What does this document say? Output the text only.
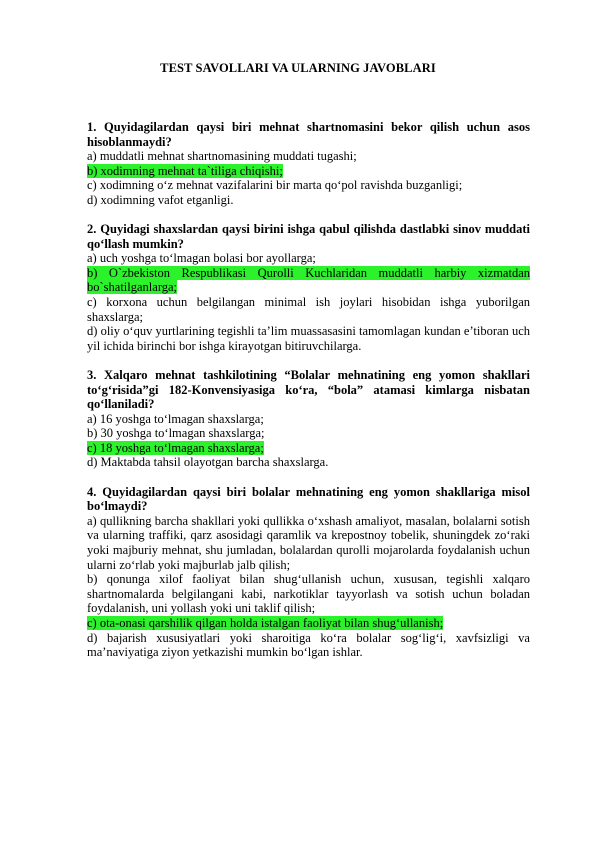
TEST SAVOLLARI VA ULARNING JAVOBLARI

1. Quyidagilardan qaysi biri mehnat shartnomasini bekor qilish uchun asos hisoblanmaydi?

a) muddatli mehnat shartnomasining muddati tugashi;

b) xodimning mehnat ta`tiliga chiqishi;

c) xodimning o‘z mehnat vazifalarini bir marta qo‘pol ravishda buzganligi;

d) xodimning vafot etganligi.

2. Quyidagi shaxslardan qaysi birini ishga qabul qilishda dastlabki sinov muddati qo‘llash mumkin?

a) uch yoshga to‘lmagan bolasi bor ayollarga;

b) O`zbekiston Respublikasi Qurolli Kuchlaridan muddatli harbiy xizmatdan bo`shatilganlarga;

c) korxona uchun belgilangan minimal ish joylari hisobidan ishga yuborilgan shaxslarga;

d) oliy o‘quv yurtlarining tegishli ta’lim muassasasini tamomlagan kundan e’tiboran uch yil ichida birinchi bor ishga kirayotgan bitiruvchilarga.

3. Xalqaro mehnat tashkilotining “Bolalar mehnatining eng yomon shakllari to‘g‘risida”gi 182-Konvensiyasiga ko‘ra, “bola” atamasi kimlarga nisbatan qo‘llaniladi?

a) 16 yoshga to‘lmagan shaxslarga;

b) 30 yoshga to‘lmagan shaxslarga;

c) 18 yoshga to‘lmagan shaxslarga;

d) Maktabda tahsil olayotgan barcha shaxslarga.

4. Quyidagilardan qaysi biri bolalar mehnatining eng yomon shakllariga misol bo‘lmaydi?

a) qullikning barcha shakllari yoki qullikka o‘xshash amaliyot, masalan, bolalarni sotish va ularning traffiki, qarz asosidagi qaramlik va krepostnoy tobelik, shuningdek zo‘raki yoki majburiy mehnat, shu jumladan, bolalardan qurolli mojarolarda foydalanish uchun ularni zo‘rlab yoki majburlab jalb qilish;

b) qonunga xilof faoliyat bilan shug‘ullanish uchun, xususan, tegishli xalqaro shartnomalarda belgilangani kabi, narkotiklar tayyorlash va sotish uchun boladan foydalanish, uni yollash yoki uni taklif qilish;

c) ota-onasi qarshilik qilgan holda istalgan faoliyat bilan shug‘ullanish;

d) bajarish xususiyatlari yoki sharoitiga ko‘ra bolalar sog‘lig‘i, xavfsizligi va ma’naviyatiga ziyon yetkazishi mumkin bo‘lgan ishlar.
